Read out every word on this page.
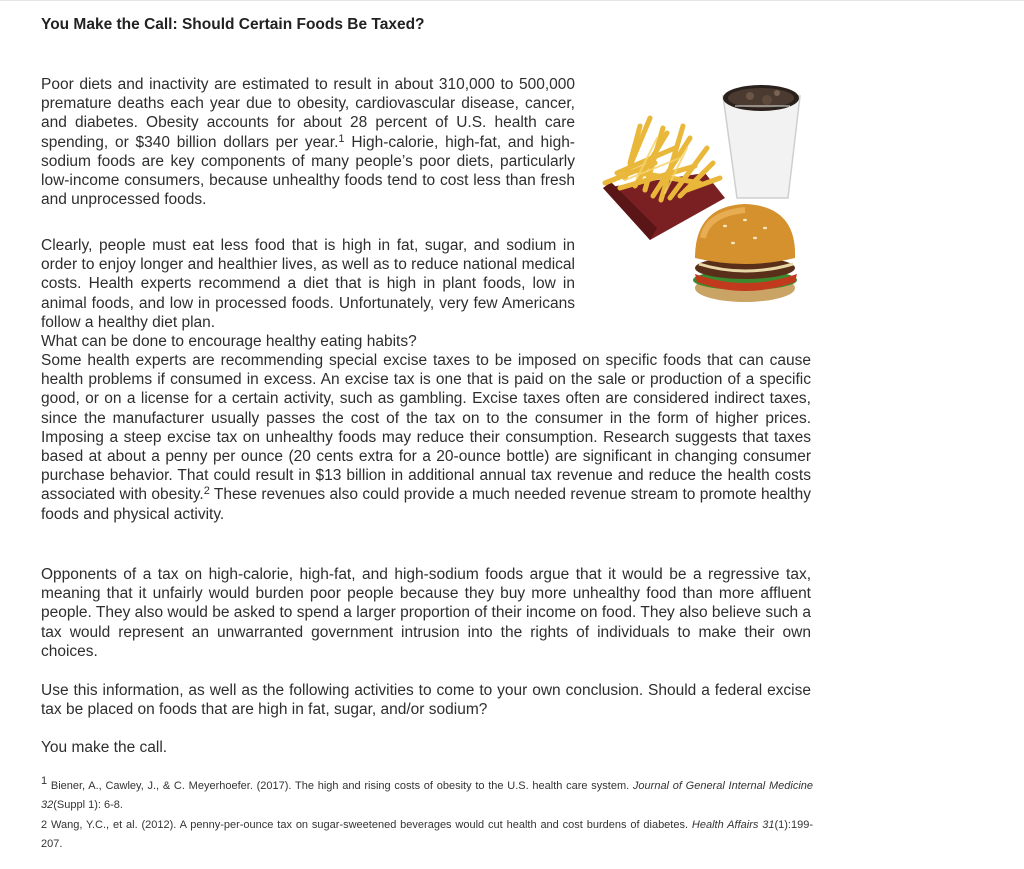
You Make the Call: Should Certain Foods Be Taxed?
Poor diets and inactivity are estimated to result in about 310,000 to 500,000 premature deaths each year due to obesity, cardiovascular disease, cancer, and diabetes. Obesity accounts for about 28 percent of U.S. health care spending, or $340 billion dollars per year.$^1$ High-calorie, high-fat, and high-sodium foods are key components of many people’s poor diets, particularly low-income consumers, because unhealthy foods tend to cost less than fresh and unprocessed foods.
Clearly, people must eat less food that is high in fat, sugar, and sodium in order to enjoy longer and healthier lives, as well as to reduce national medical costs. Health experts recommend a diet that is high in plant foods, low in animal foods, and low in processed foods. Unfortunately, very few Americans follow a healthy diet plan.
What can be done to encourage healthy eating habits?
Some health experts are recommending special excise taxes to be imposed on specific foods that can cause health problems if consumed in excess. An excise tax is one that is paid on the sale or production of a specific good, or on a license for a certain activity, such as gambling. Excise taxes often are considered indirect taxes, since the manufacturer usually passes the cost of the tax on to the consumer in the form of higher prices. Imposing a steep excise tax on unhealthy foods may reduce their consumption. Research suggests that taxes based at about a penny per ounce (20 cents extra for a 20-ounce bottle) are significant in changing consumer purchase behavior. That could result in $13 billion in additional annual tax revenue and reduce the health costs associated with obesity.$^2$ These revenues also could provide a much needed revenue stream to promote healthy foods and physical activity.
Opponents of a tax on high-calorie, high-fat, and high-sodium foods argue that it would be a regressive tax, meaning that it unfairly would burden poor people because they buy more unhealthy food than more affluent people. They also would be asked to spend a larger proportion of their income on food. They also believe such a tax would represent an unwarranted government intrusion into the rights of individuals to make their own choices.
Use this information, as well as the following activities to come to your own conclusion. Should a federal excise tax be placed on foods that are high in fat, sugar, and/or sodium?
You make the call.
$^1$ Biener, A., Cawley, J., & C. Meyerhoefer. (2017). The high and rising costs of obesity to the U.S. health care system. Journal of General Internal Medicine 32(Suppl 1): 6-8.
2 Wang, Y.C., et al. (2012). A penny-per-ounce tax on sugar-sweetened beverages would cut health and cost burdens of diabetes. Health Affairs 31(1):199-207.
